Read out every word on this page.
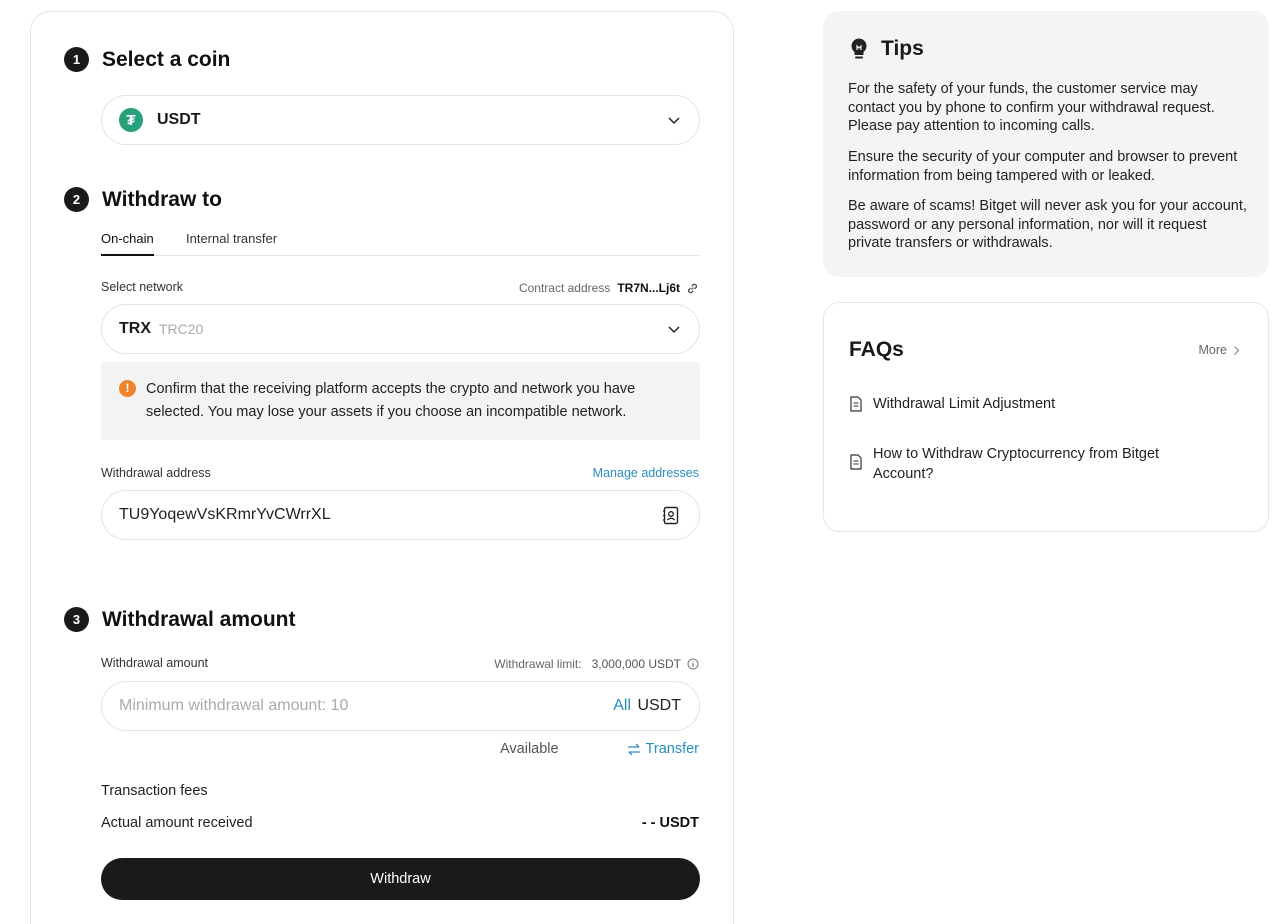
1	Select a coin
₮	USDT
2	Withdraw to
On-chain Internal transfer
Select network	Contract address TR7N...Lj6t
TRX TRC20
!	Confirm that the receiving platform accepts the crypto and network you have selected. You may lose your assets if you choose an incompatible network.
Withdrawal address	Manage addresses
TU9YoqewVsKRmrYvCWrrXL
3	Withdrawal amount
Withdrawal amount	Withdrawal limit: 3,000,000 USDT
Minimum withdrawal amount: 10	All USDT
Available	Transfer
Transaction fees
Actual amount received	- - USDT
Withdraw
Tips
For the safety of your funds, the customer service may contact you by phone to confirm your withdrawal request. Please pay attention to incoming calls.
Ensure the security of your computer and browser to prevent information from being tampered with or leaked.
Be aware of scams! Bitget will never ask you for your account, password or any personal information, nor will it request private transfers or withdrawals.
FAQs	More
Withdrawal Limit Adjustment
How to Withdraw Cryptocurrency from Bitget Account?
